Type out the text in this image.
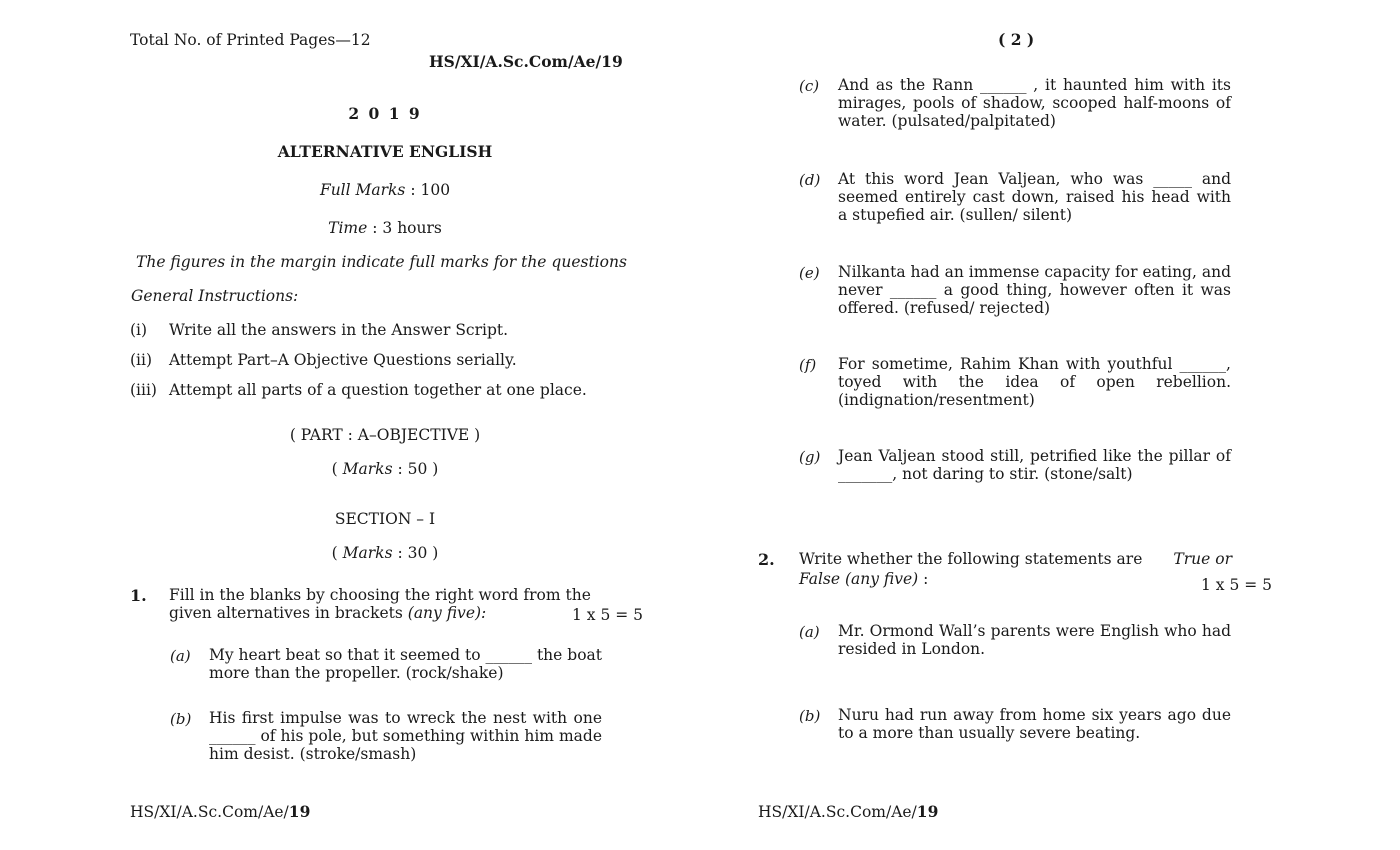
Total No. of Printed Pages—12
HS/XI/A.Sc.Com/Ae/19
2 0 1 9
ALTERNATIVE ENGLISH
Full Marks : 100
Time : 3 hours
The figures in the margin indicate full marks for the questions
General Instructions:
(i) Write all the answers in the Answer Script.
(ii) Attempt Part–A Objective Questions serially.
(iii) Attempt all parts of a question together at one place.
( PART : A–OBJECTIVE )
( Marks : 50 )
SECTION – I
( Marks : 30 )
1. Fill in the blanks by choosing the right word from the
given alternatives in brackets (any five):	1 x 5 = 5
(a) My heart beat so that it seemed to ______ the boat more than the propeller. (rock/shake)
(b) His first impulse was to wreck the nest with one ______ of his pole, but something within him made him desist. (stroke/smash)
HS/XI/A.Sc.Com/Ae/19
( 2 )
(c) And as the Rann ______ , it haunted him with its mirages, pools of shadow, scooped half-moons of water. (pulsated/palpitated)
(d) At this word Jean Valjean, who was _____ and seemed entirely cast down, raised his head with a stupefied air. (sullen/ silent)
(e) Nilkanta had an immense capacity for eating, and never ______ a good thing, however often it was offered. (refused/ rejected)
(f) For sometime, Rahim Khan with youthful ______, toyed with the idea of open rebellion. (indignation/resentment)
(g) Jean Valjean stood still, petrified like the pillar of _______, not daring to stir. (stone/salt)
2. Write whether the following statements are True or
False (any five) :	1 x 5 = 5
(a) Mr. Ormond Wall’s parents were English who had resided in London.
(b) Nuru had run away from home six years ago due to a more than usually severe beating.
HS/XI/A.Sc.Com/Ae/19
